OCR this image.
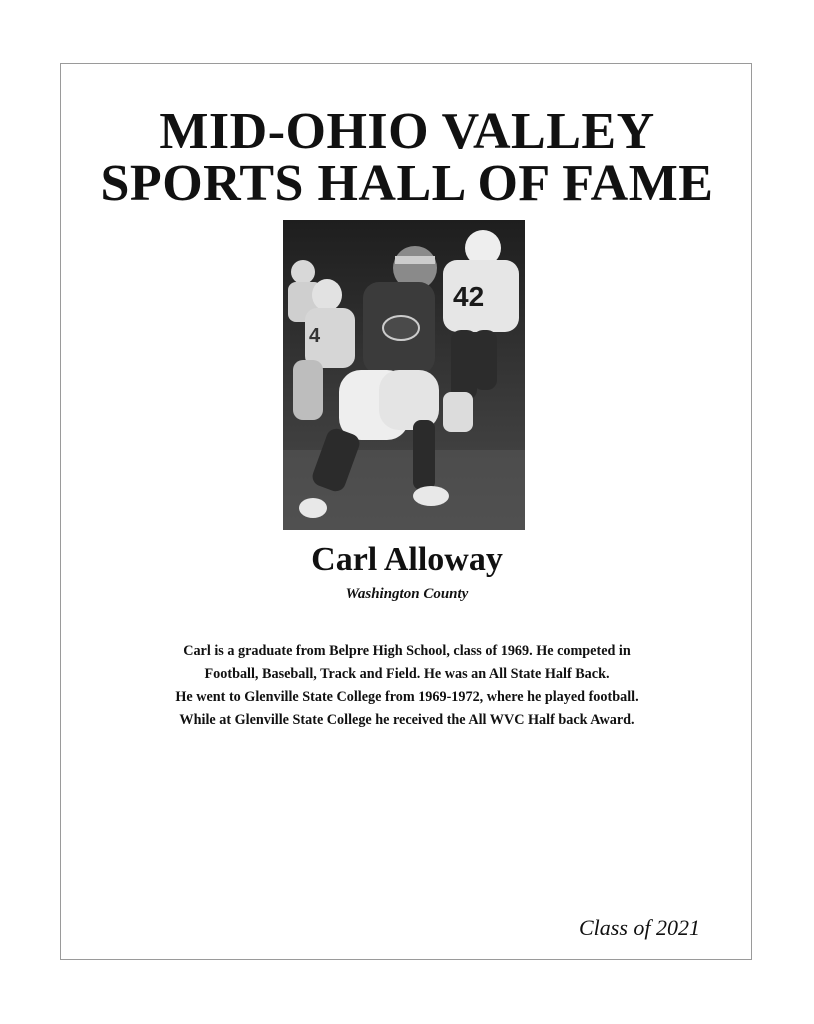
MID-OHIO VALLEY
SPORTS HALL OF FAME
4
42
Carl Alloway
Washington County
Carl is a graduate from Belpre High School, class of 1969. He competed in
Football, Baseball, Track and Field. He was an All State Half Back.
He went to Glenville State College from 1969-1972, where he played football.
While at Glenville State College he received the All WVC Half back Award.
Class of 2021
